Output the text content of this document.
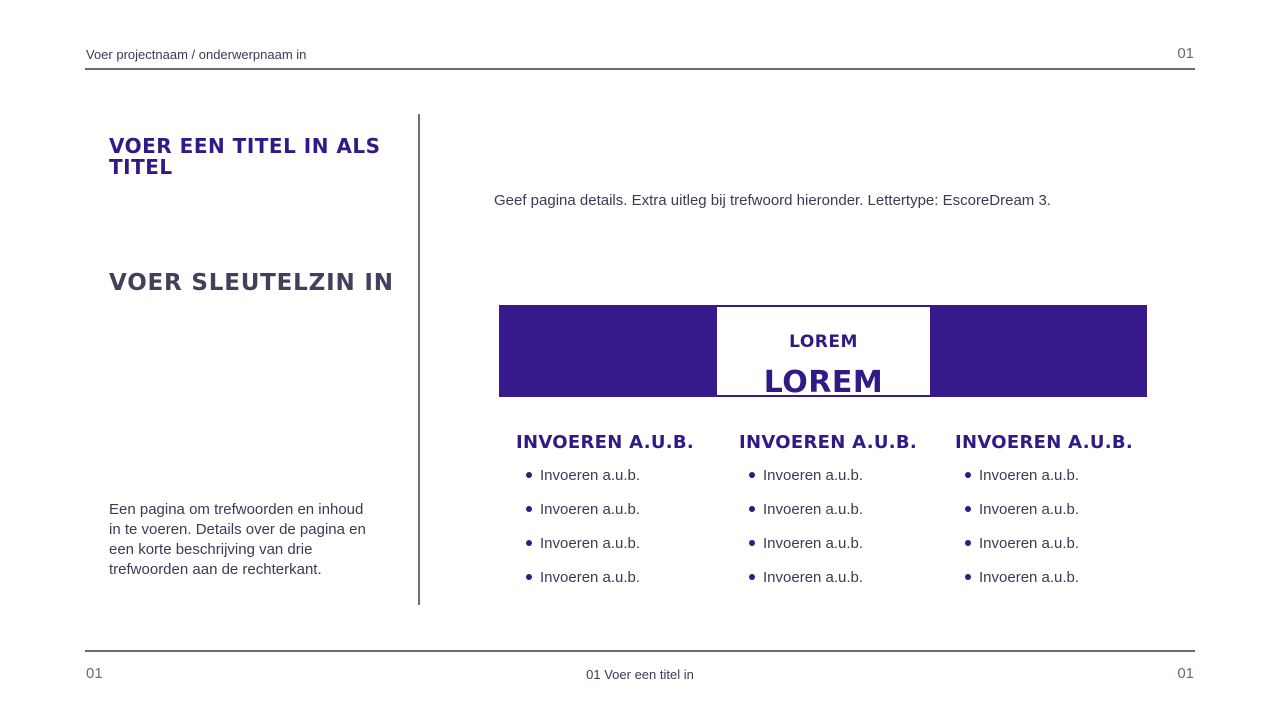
Voer projectnaam / onderwerpnaam in	01
VOER EEN TITEL IN ALS TITEL
VOER SLEUTELZIN IN
Een pagina om trefwoorden en inhoud in te voeren. Details over de pagina en een korte beschrijving van drie trefwoorden aan de rechterkant.
Geef pagina details. Extra uitleg bij trefwoord hieronder. Lettertype: EscoreDream 3.
LOREM
LOREM
INVOEREN A.U.B.
Invoeren a.u.b.
Invoeren a.u.b.
Invoeren a.u.b.
Invoeren a.u.b.
INVOEREN A.U.B.
Invoeren a.u.b.
Invoeren a.u.b.
Invoeren a.u.b.
Invoeren a.u.b.
INVOEREN A.U.B.
Invoeren a.u.b.
Invoeren a.u.b.
Invoeren a.u.b.
Invoeren a.u.b.
01	01 Voer een titel in	01
